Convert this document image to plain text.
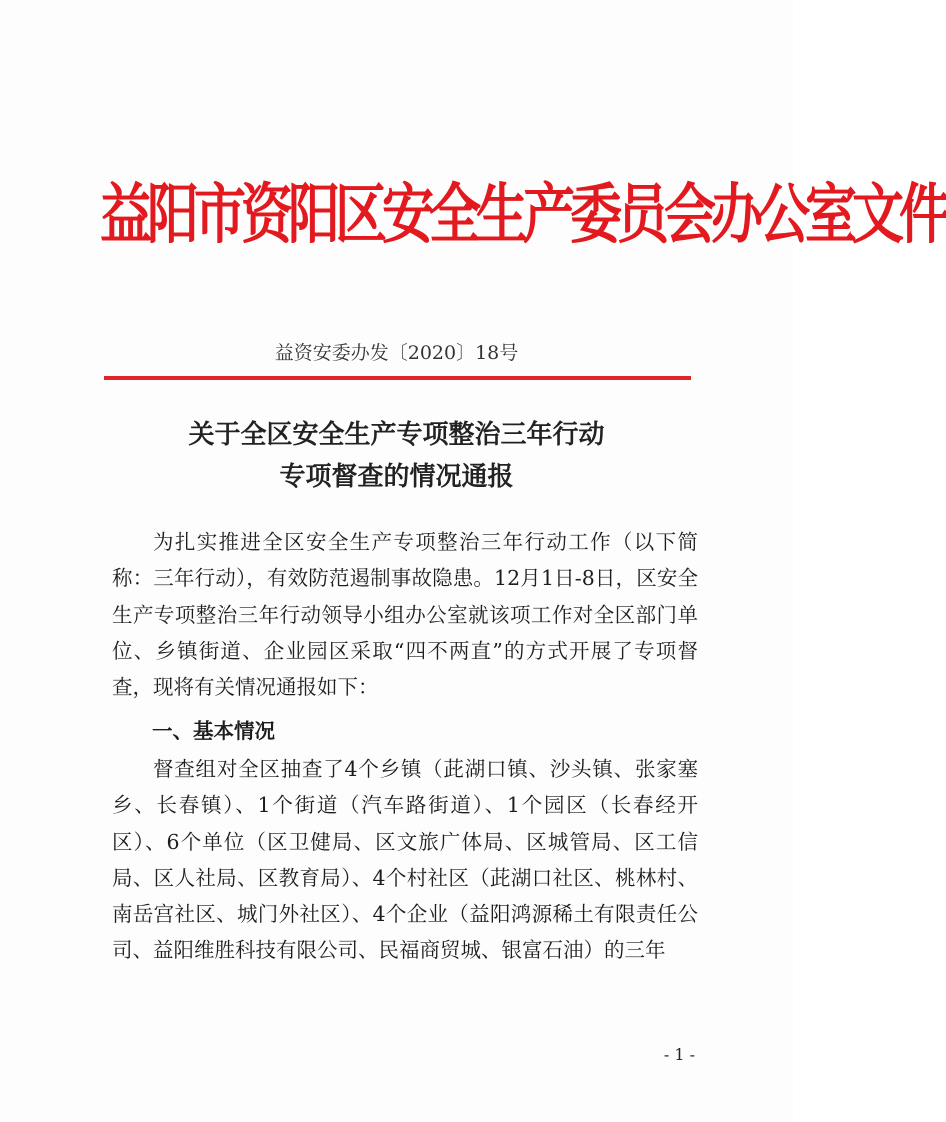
益阳市资阳区安全生产委员会办公室文件
益资安委办发〔2020〕18号
关于全区安全生产专项整治三年行动
专项督查的情况通报

为扎实推进全区安全生产专项整治三年行动工作（以下简称：三年行动），有效防范遏制事故隐患。12月1日-8日，区安全生产专项整治三年行动领导小组办公室就该项工作对全区部门单位、乡镇街道、企业园区采取“四不两直”的方式开展了专项督查，现将有关情况通报如下：

一、基本情况

督查组对全区抽查了4个乡镇（茈湖口镇、沙头镇、张家塞乡、长春镇）、1个街道（汽车路街道）、1个园区（长春经开区）、6个单位（区卫健局、区文旅广体局、区城管局、区工信局、区人社局、区教育局）、4个村社区（茈湖口社区、桃林村、南岳宫社区、城门外社区）、4个企业（益阳鸿源稀土有限责任公司、益阳维胜科技有限公司、民福商贸城、银富石油）的三年

- 1 -
